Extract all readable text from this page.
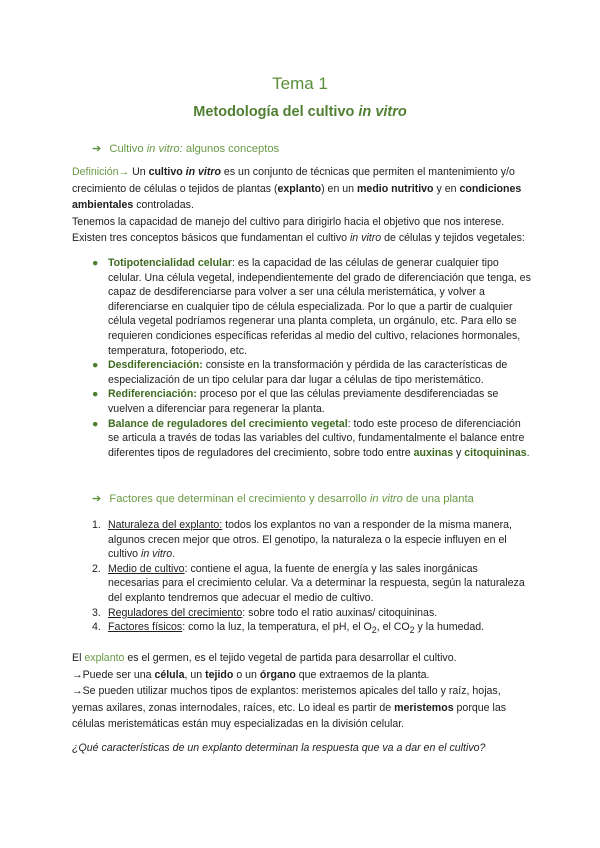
Tema 1
Metodología del cultivo in vitro
➔ Cultivo in vitro: algunos conceptos

Definición→ Un cultivo in vitro es un conjunto de técnicas que permiten el mantenimiento y/o crecimiento de células o tejidos de plantas (explanto) en un medio nutritivo y en condiciones ambientales controladas.

Tenemos la capacidad de manejo del cultivo para dirigirlo hacia el objetivo que nos interese.

Existen tres conceptos básicos que fundamentan el cultivo in vitro de células y tejidos vegetales:

● Totipotencialidad celular: es la capacidad de las células de generar cualquier tipo celular. Una célula vegetal, independientemente del grado de diferenciación que tenga, es capaz de desdiferenciarse para volver a ser una célula meristemática, y volver a diferenciarse en cualquier tipo de célula especializada. Por lo que a partir de cualquier célula vegetal podríamos regenerar una planta completa, un orgánulo, etc. Para ello se requieren condiciones específicas referidas al medio del cultivo, relaciones hormonales, temperatura, fotoperiodo, etc.
● Desdiferenciación: consiste en la transformación y pérdida de las características de especialización de un tipo celular para dar lugar a células de tipo meristemático.
● Rediferenciación: proceso por el que las células previamente desdiferenciadas se vuelven a diferenciar para regenerar la planta.
● Balance de reguladores del crecimiento vegetal: todo este proceso de diferenciación se articula a través de todas las variables del cultivo, fundamentalmente el balance entre diferentes tipos de reguladores del crecimiento, sobre todo entre auxinas y citoquininas.
➔ Factores que determinan el crecimiento y desarrollo in vitro de una planta
1. Naturaleza del explanto: todos los explantos no van a responder de la misma manera, algunos crecen mejor que otros. El genotipo, la naturaleza o la especie influyen en el cultivo in vitro.
2. Medio de cultivo: contiene el agua, la fuente de energía y las sales inorgánicas necesarias para el crecimiento celular. Va a determinar la respuesta, según la naturaleza del explanto tendremos que adecuar el medio de cultivo.
3. Reguladores del crecimiento: sobre todo el ratio auxinas/ citoquininas.
4. Factores físicos: como la luz, la temperatura, el pH, el $O_2$, el $CO_2$ y la humedad.

El explanto es el germen, es el tejido vegetal de partida para desarrollar el cultivo.

→Puede ser una célula, un tejido o un órgano que extraemos de la planta.

→Se pueden utilizar muchos tipos de explantos: meristemos apicales del tallo y raíz, hojas, yemas axilares, zonas internodales, raíces, etc. Lo ideal es partir de meristemos porque las células meristemáticas están muy especializadas en la división celular.

¿Qué características de un explanto determinan la respuesta que va a dar en el cultivo?
